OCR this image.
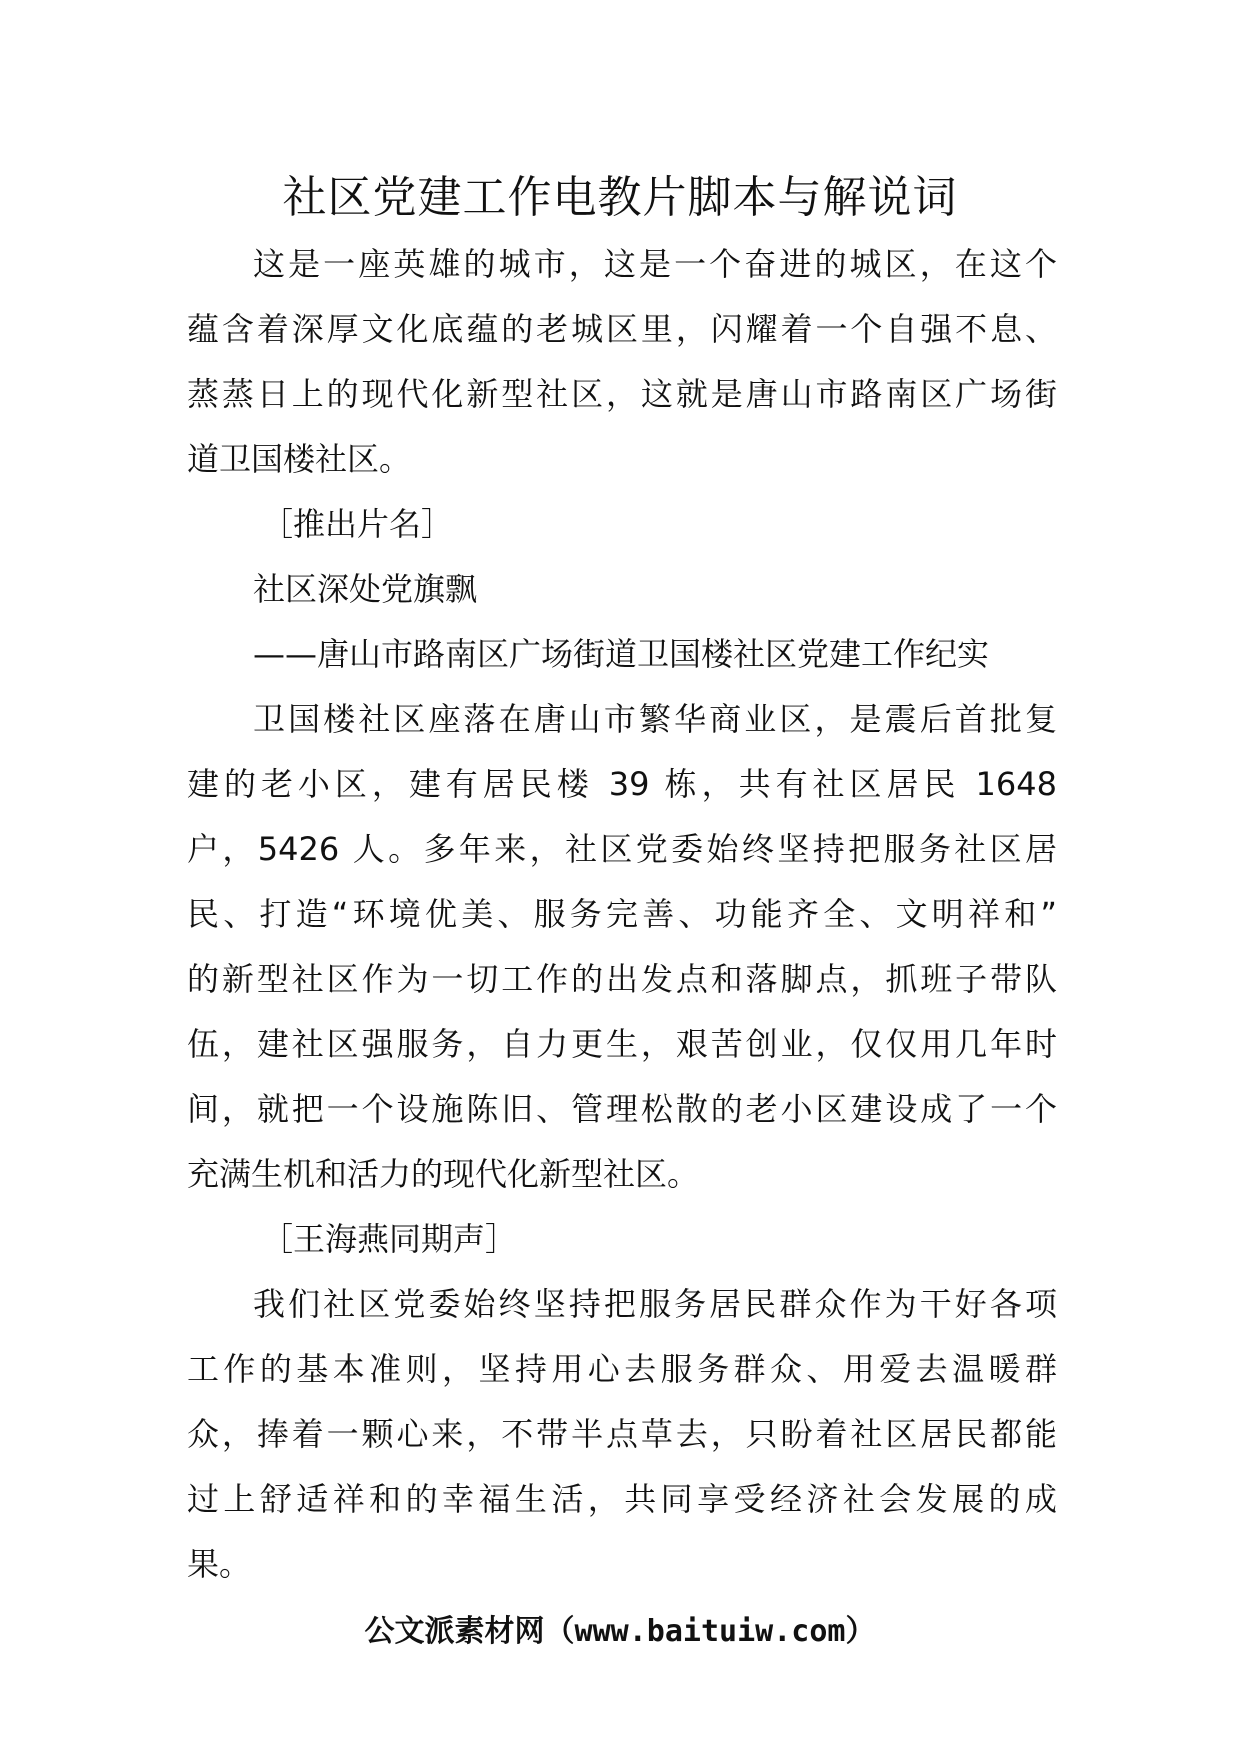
社区党建工作电教片脚本与解说词
这是一座英雄的城市，这是一个奋进的城区，在这个
蕴含着深厚文化底蕴的老城区里，闪耀着一个自强不息、
蒸蒸日上的现代化新型社区，这就是唐山市路南区广场街
道卫国楼社区。
［推出片名］
社区深处党旗飘
——唐山市路南区广场街道卫国楼社区党建工作纪实
卫国楼社区座落在唐山市繁华商业区，是震后首批复
建的老小区，建有居民楼 39 栋，共有社区居民 1648
户，5426 人。多年来，社区党委始终坚持把服务社区居
民、打造“环境优美、服务完善、功能齐全、文明祥和”
的新型社区作为一切工作的出发点和落脚点，抓班子带队
伍，建社区强服务，自力更生，艰苦创业，仅仅用几年时
间，就把一个设施陈旧、管理松散的老小区建设成了一个
充满生机和活力的现代化新型社区。
［王海燕同期声］
我们社区党委始终坚持把服务居民群众作为干好各项
工作的基本准则，坚持用心去服务群众、用爱去温暖群
众，捧着一颗心来，不带半点草去，只盼着社区居民都能
过上舒适祥和的幸福生活，共同享受经济社会发展的成
果。
公文派素材网（www.baituiw.com）
